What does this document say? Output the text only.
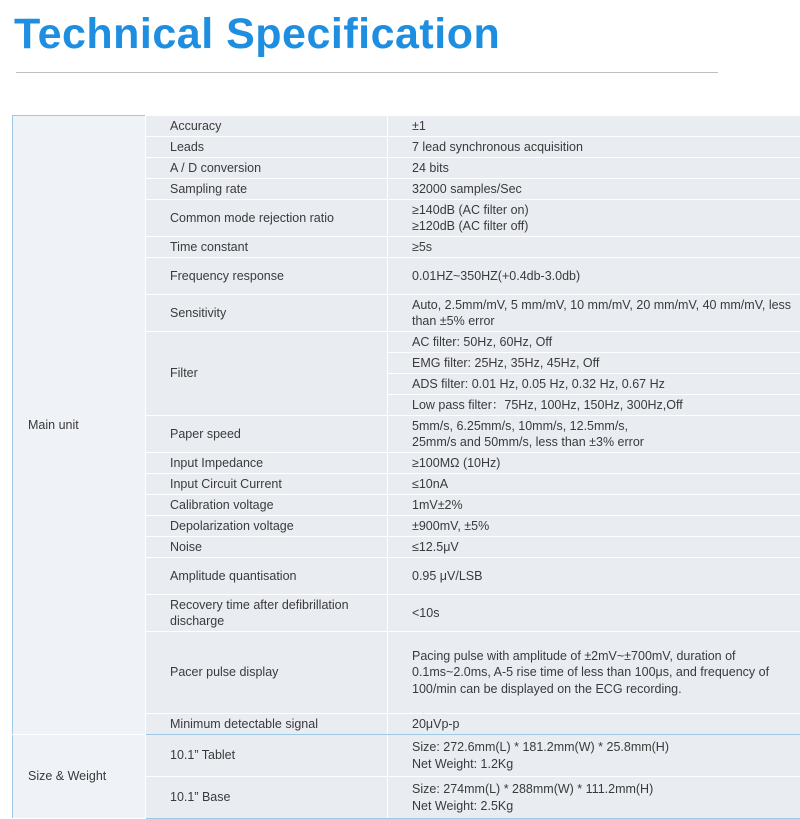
Technical Specification
Main unit	Accuracy	±1

	Leads	7 lead synchronous acquisition

	A / D conversion	24 bits

	Sampling rate	32000 samples/Sec

	Common mode rejection ratio	≥140dB (AC filter on)
≥120dB (AC filter off)

	Time constant	≥5s

	Frequency response	0.01HZ~350HZ(+0.4db-3.0db)

	Sensitivity	Auto, 2.5mm/mV, 5 mm/mV, 10 mm/mV, 20 mm/mV, 40 mm/mV, less than ±5% error

	Filter	AC filter: 50Hz, 60Hz, Off
		EMG filter: 25Hz, 35Hz, 45Hz, Off
		ADS filter: 0.01 Hz, 0.05 Hz, 0.32 Hz, 0.67 Hz
		Low pass filter：75Hz, 100Hz, 150Hz, 300Hz,Off
	Paper speed	5mm/s, 6.25mm/s, 10mm/s, 12.5mm/s,
25mm/s and 50mm/s, less than ±3% error

	Input Impedance	≥100MΩ (10Hz)

	Input Circuit Current	≤10nA

	Calibration voltage	1mV±2%

	Depolarization voltage	±900mV, ±5%

	Noise	≤12.5μV

	Amplitude quantisation	0.95 μV/LSB

	Recovery time after defibrillation discharge	<10s

	Pacer pulse display	Pacing pulse with amplitude of ±2mV~±700mV, duration of 0.1ms~2.0ms, A-5 rise time of less than 100μs, and frequency of 100/min can be displayed on the ECG recording.

	Minimum detectable signal	20μVp-p

Size & Weight	10.1” Tablet	Size: 272.6mm(L) * 181.2mm(W) * 25.8mm(H)
Net Weight: 1.2Kg

	10.1” Base	Size: 274mm(L) * 288mm(W) * 111.2mm(H)
Net Weight: 2.5Kg
